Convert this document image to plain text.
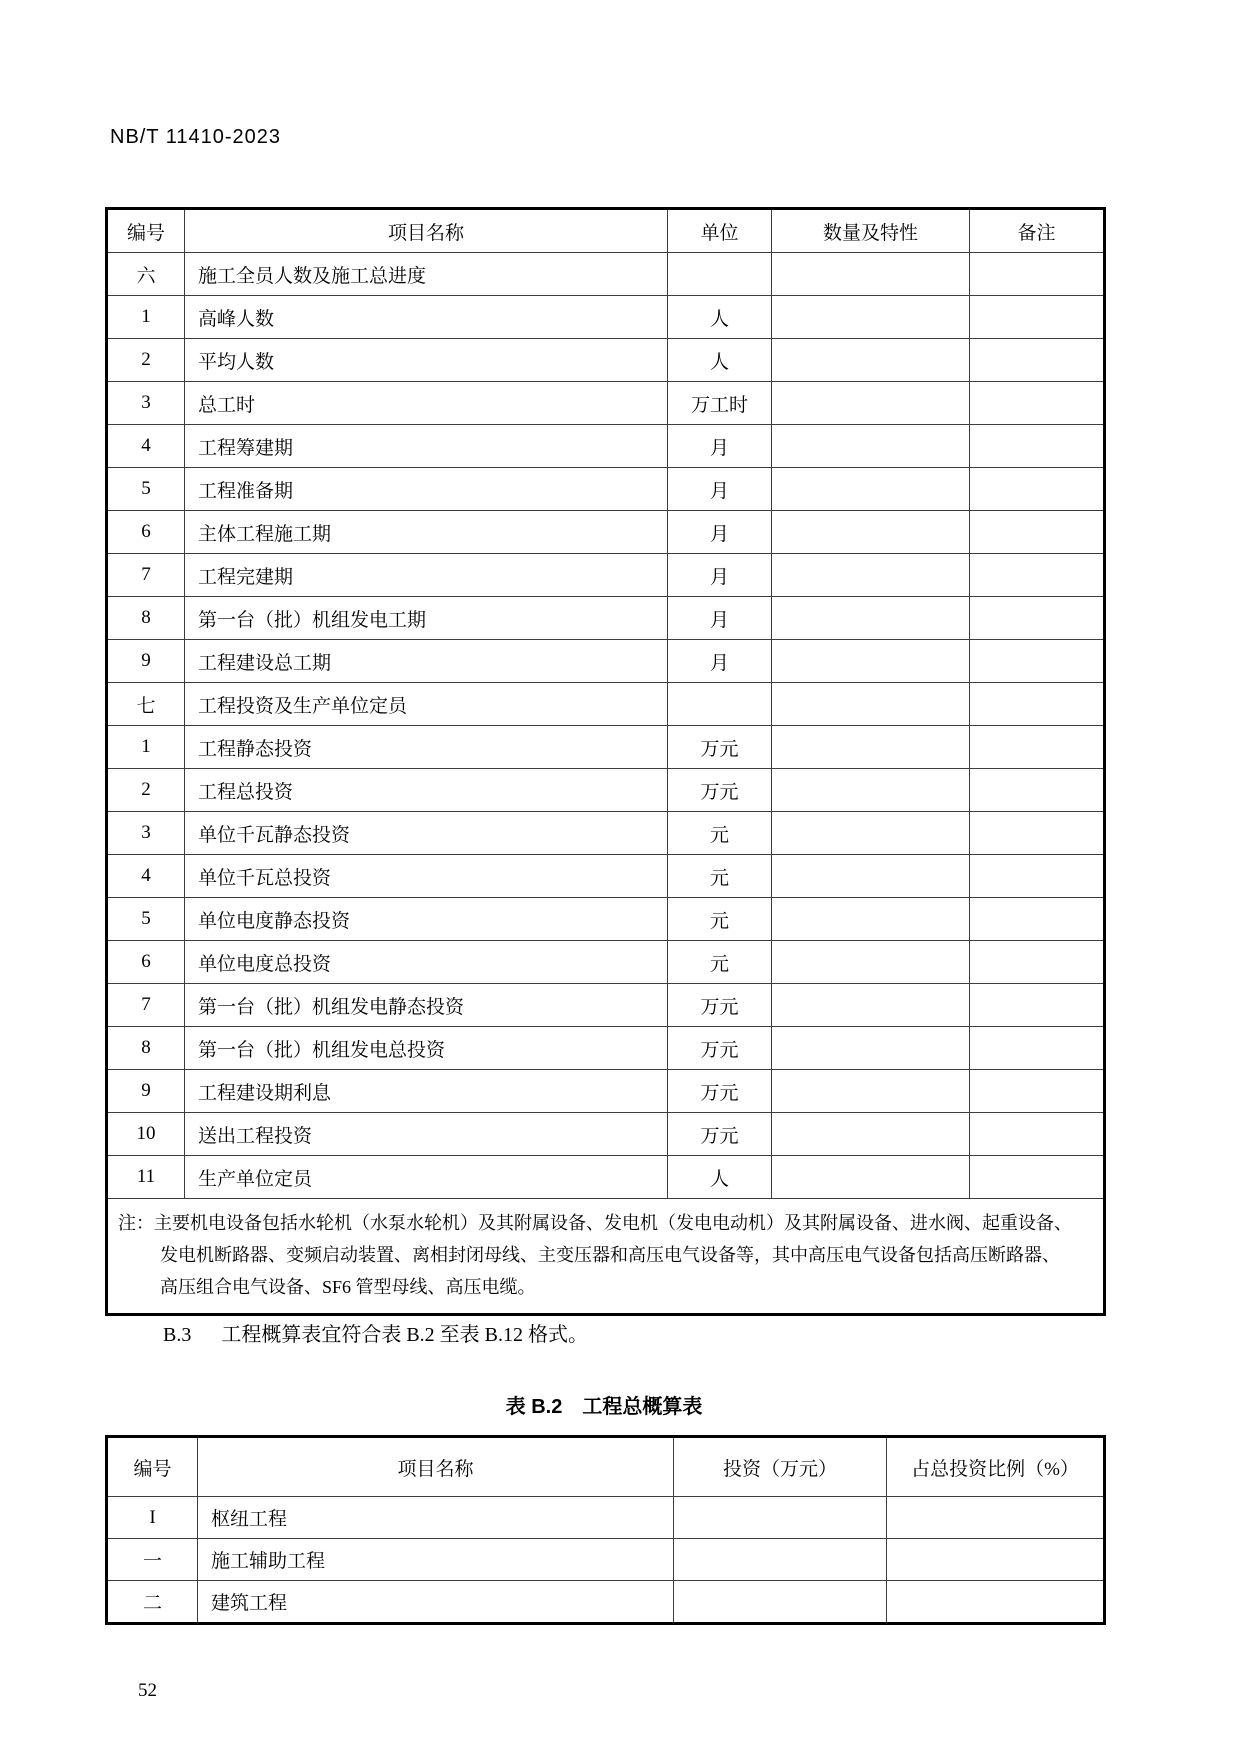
NB/T 11410-2023
编号	项目名称	单位	数量及特性	备注
六	施工全员人数及施工总进度			
1	高峰人数	人		
2	平均人数	人		
3	总工时	万工时		
4	工程筹建期	月		
5	工程准备期	月		
6	主体工程施工期	月		
7	工程完建期	月		
8	第一台（批）机组发电工期	月		
9	工程建设总工期	月		
七	工程投资及生产单位定员			
1	工程静态投资	万元		
2	工程总投资	万元		
3	单位千瓦静态投资	元		
4	单位千瓦总投资	元		
5	单位电度静态投资	元		
6	单位电度总投资	元		
7	第一台（批）机组发电静态投资	万元		
8	第一台（批）机组发电总投资	万元		
9	工程建设期利息	万元		
10	送出工程投资	万元		
11	生产单位定员	人		

注：主要机电设备包括水轮机（水泵水轮机）及其附属设备、发电机（发电电动机）及其附属设备、进水阀、起重设备、
发电机断路器、变频启动装置、离相封闭母线、主变压器和高压电气设备等，其中高压电气设备包括高压断路器、
高压组合电气设备、SF6 管型母线、高压电缆。				
B.3 工程概算表宜符合表 B.2 至表 B.12 格式。
表 B.2　工程总概算表
编号	项目名称	投资（万元）	占总投资比例（%）
I	枢纽工程		
一	施工辅助工程		
二	建筑工程		
52
